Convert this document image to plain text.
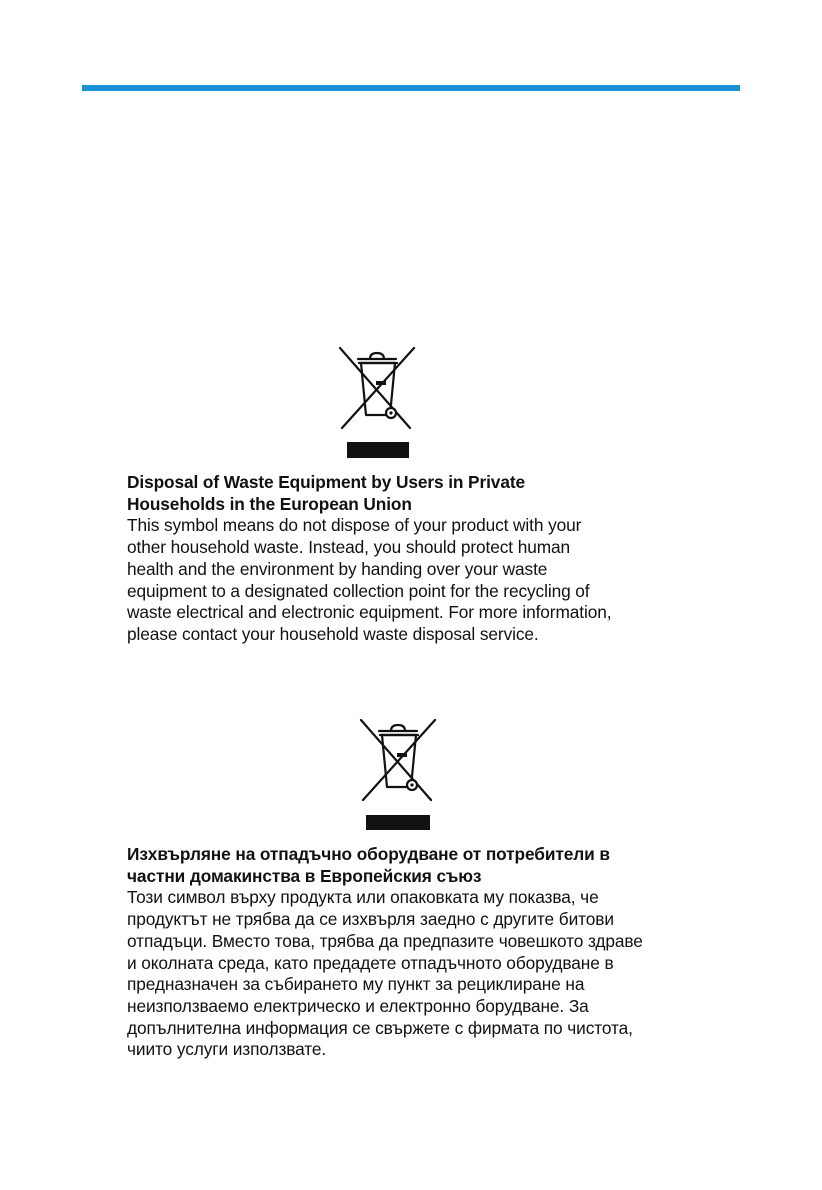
Disposal of Waste Equipment by Users in Private
Households in the European Union

This symbol means do not dispose of your product with your
other household waste. Instead, you should protect human
health and the environment by handing over your waste
equipment to a designated collection point for the recycling of
waste electrical and electronic equipment. For more information,
please contact your household waste disposal service.

Изхвърляне на отпадъчно оборудване от потребители в
частни домакинства в Европейския съюз

Този символ върху продукта или опаковката му показва, че
продуктът не трябва да се изхвърля заедно с другите битови
отпадъци. Вместо това, трябва да предпазите човешкото здраве
и околната среда, като предадете отпадъчното оборудване в
предназначен за събирането му пункт за рециклиране на
неизползваемо електрическо и електронно борудване. За
допълнителна информация се свържете с фирмата по чистота,
чиито услуги използвате.
